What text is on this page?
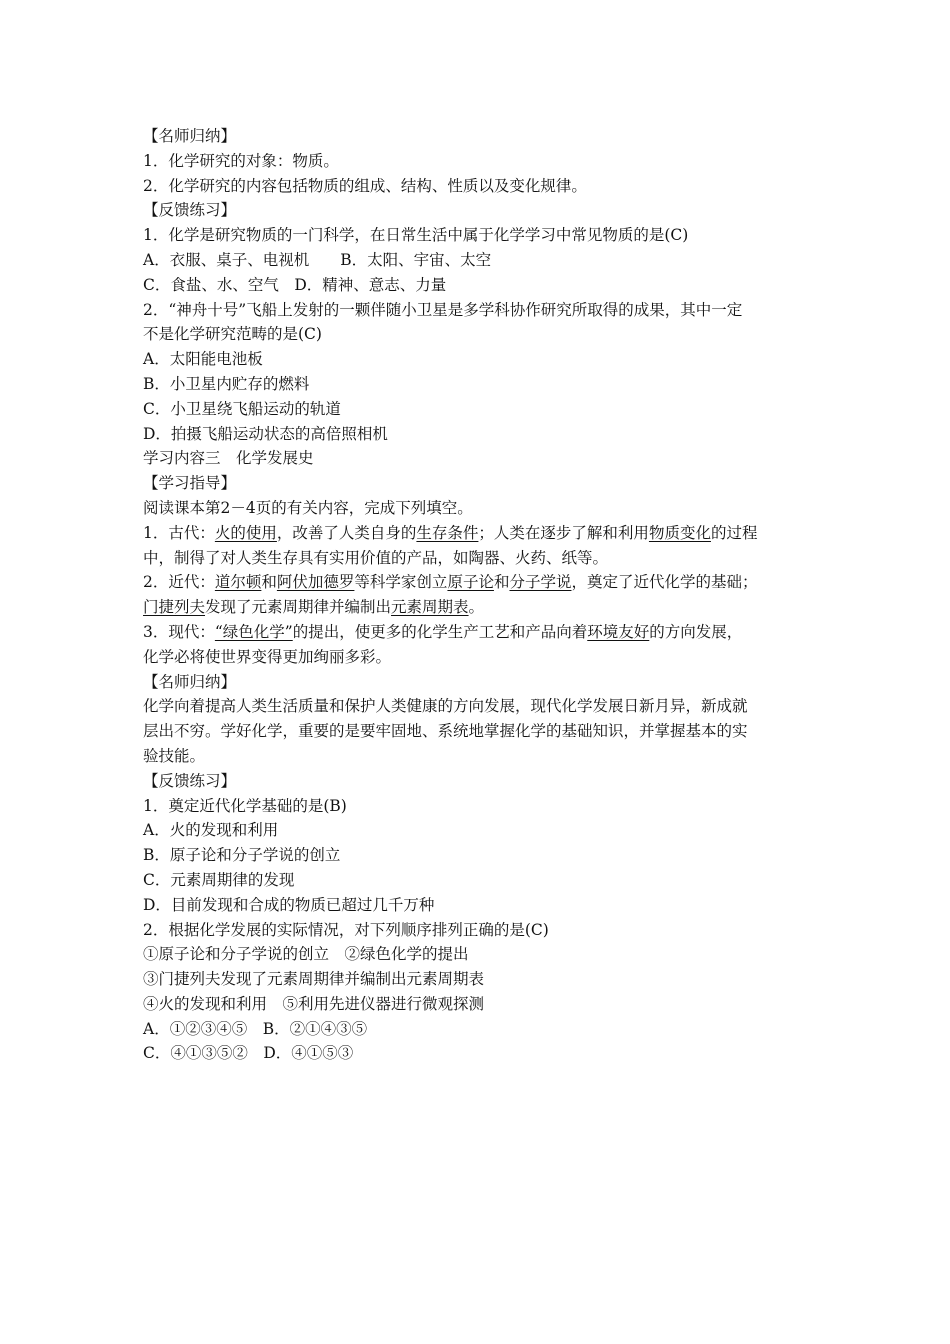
【名师归纳】
1．化学研究的对象：物质。
2．化学研究的内容包括物质的组成、结构、性质以及变化规律。
【反馈练习】
1．化学是研究物质的一门科学，在日常生活中属于化学学习中常见物质的是(C)
A．衣服、桌子、电视机　　B．太阳、宇宙、太空
C．食盐、水、空气　D．精神、意志、力量
2．“神舟十号”飞船上发射的一颗伴随小卫星是多学科协作研究所取得的成果，其中一定
不是化学研究范畴的是(C)
A．太阳能电池板
B．小卫星内贮存的燃料
C．小卫星绕飞船运动的轨道
D．拍摄飞船运动状态的高倍照相机
学习内容三　化学发展史
【学习指导】
阅读课本第2－4页的有关内容，完成下列填空。
1．古代：火的使用，改善了人类自身的生存条件；人类在逐步了解和利用物质变化的过程
中，制得了对人类生存具有实用价值的产品，如陶器、火药、纸等。
2．近代：道尔顿和阿伏加德罗等科学家创立原子论和分子学说，奠定了近代化学的基础；
门捷列夫发现了元素周期律并编制出元素周期表。
3．现代：“绿色化学”的提出，使更多的化学生产工艺和产品向着环境友好的方向发展，
化学必将使世界变得更加绚丽多彩。
【名师归纳】
化学向着提高人类生活质量和保护人类健康的方向发展，现代化学发展日新月异，新成就
层出不穷。学好化学，重要的是要牢固地、系统地掌握化学的基础知识，并掌握基本的实
验技能。
【反馈练习】
1．奠定近代化学基础的是(B)
A．火的发现和利用
B．原子论和分子学说的创立
C．元素周期律的发现
D．目前发现和合成的物质已超过几千万种
2．根据化学发展的实际情况，对下列顺序排列正确的是(C)
①原子论和分子学说的创立　②绿色化学的提出
③门捷列夫发现了元素周期律并编制出元素周期表
④火的发现和利用　⑤利用先进仪器进行微观探测
A．①②③④⑤　B．②①④③⑤
C．④①③⑤②　D．④①⑤③
